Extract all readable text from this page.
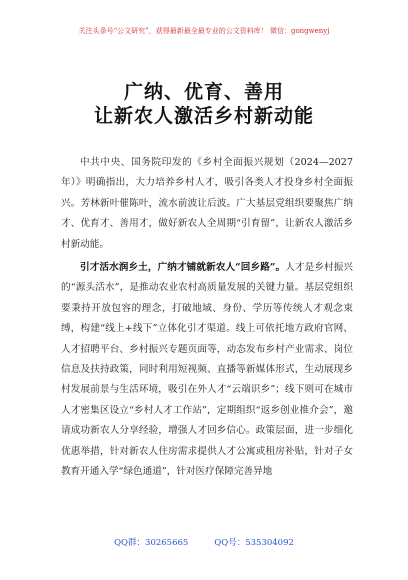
关注头条号“公文研究”，获得最新最全最专业的公文资料库！ 微信：gongwenyj
广纳、优育、善用
让新农人激活乡村新动能

中共中央、国务院印发的《乡村全面振兴规划（2024—2027年）》明确指出，大力培养乡村人才，吸引各类人才投身乡村全面振兴。芳林新叶催陈叶，流水前波让后波。广大基层党组织要聚焦广纳才、优育才、善用才，做好新农人全周期“引育留”，让新农人激活乡村新动能。

引才活水润乡土，广纳才铺就新农人“回乡路”。人才是乡村振兴的“源头活水”，是推动农业农村高质量发展的关键力量。基层党组织要秉持开放包容的理念，打破地域、身份、学历等传统人才观念束缚，构建“线上+线下”立体化引才渠道。线上可依托地方政府官网、人才招聘平台、乡村振兴专题页面等，动态发布乡村产业需求、岗位信息及扶持政策，同时利用短视频、直播等新媒体形式，生动展现乡村发展前景与生活环境，吸引在外人才“云端识乡”；线下则可在城市人才密集区设立“乡村人才工作站”，定期组织“返乡创业推介会”，邀请成功新农人分享经验，增强人才回乡信心。政策层面，进一步细化优惠举措，针对新农人住房需求提供人才公寓或租房补贴，针对子女教育开通入学“绿色通道”，针对医疗保障完善异地

QQ群：30265665	QQ号：535304092
